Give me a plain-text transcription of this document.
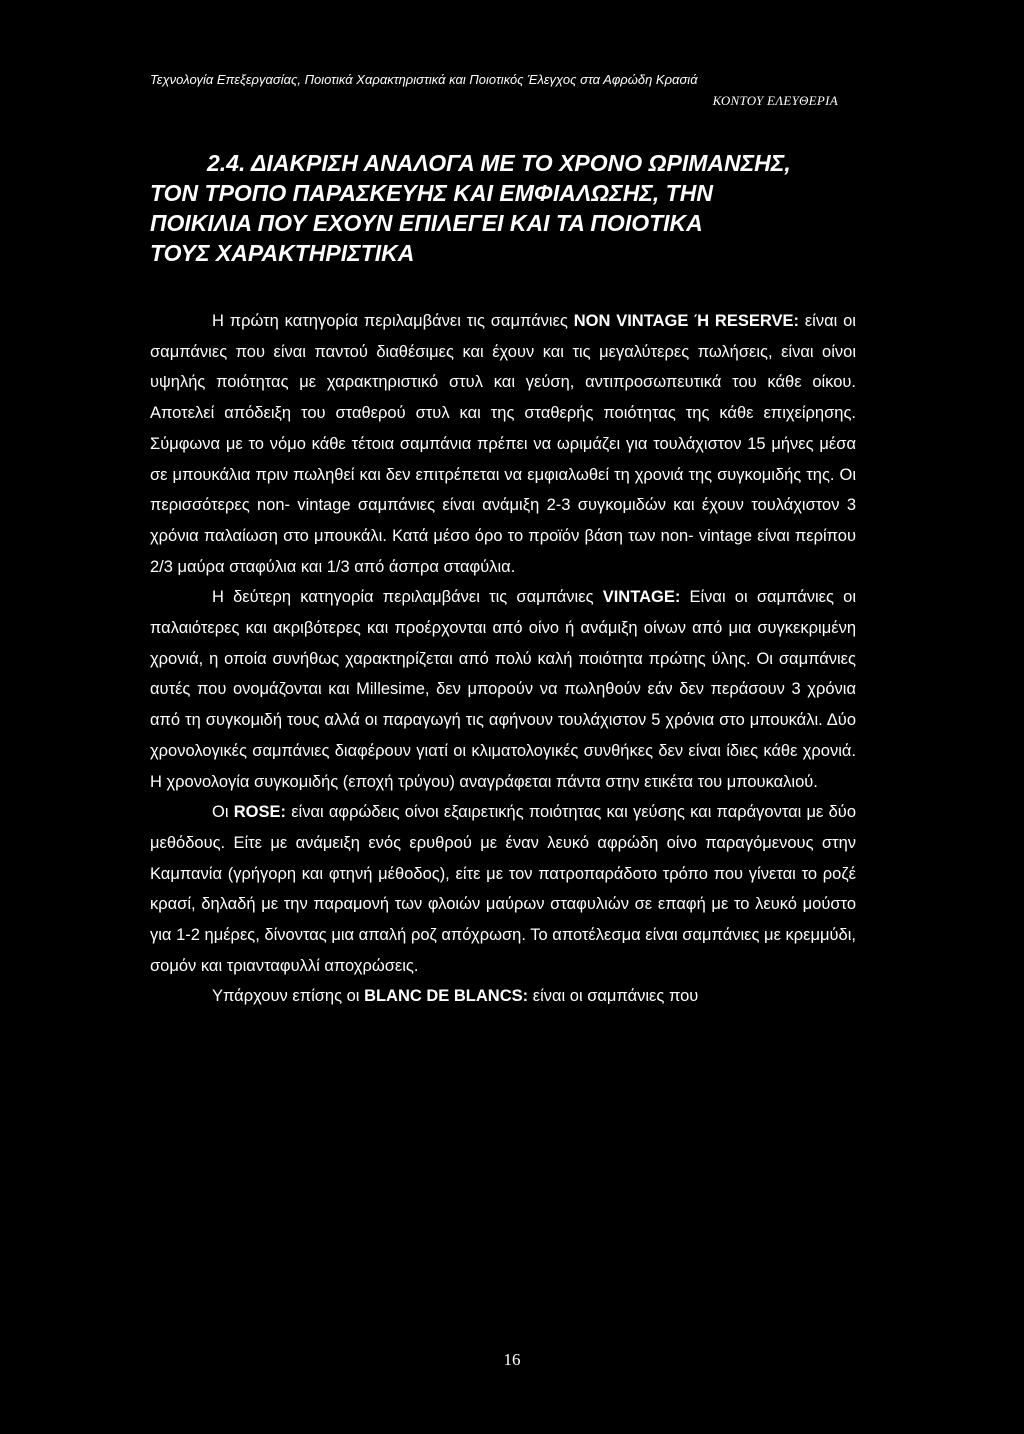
Τεχνολογία Επεξεργασίας, Ποιοτικά Χαρακτηριστικά και Ποιοτικός Έλεγχος στα Αφρώδη Κρασιά
ΚΟΝΤΟΥ ΕΛΕΥΘΕΡΙΑ
2.4. ΔΙΑΚΡΙΣΗ ΑΝΑΛΟΓΑ ΜΕ ΤΟ ΧΡΟΝΟ ΩΡΙΜΑΝΣΗΣ,
ΤΟΝ ΤΡΟΠΟ ΠΑΡΑΣΚΕΥΗΣ ΚΑΙ ΕΜΦΙΑΛΩΣΗΣ, ΤΗΝ
ΠΟΙΚΙΛΙΑ ΠΟΥ ΕΧΟΥΝ ΕΠΙΛΕΓΕΙ ΚΑΙ ΤΑ ΠΟΙΟΤΙΚΑ
ΤΟΥΣ ΧΑΡΑΚΤΗΡΙΣΤΙΚΑ

Η πρώτη κατηγορία περιλαμβάνει τις σαμπάνιες NON VINTAGE Ή RESERVE: είναι οι σαμπάνιες που είναι παντού διαθέσιμες και έχουν και τις μεγαλύτερες πωλήσεις, είναι οίνοι υψηλής ποιότητας με χαρακτηριστικό στυλ και γεύση, αντιπροσωπευτικά του κάθε οίκου. Αποτελεί απόδειξη του σταθερού στυλ και της σταθερής ποιότητας της κάθε επιχείρησης. Σύμφωνα με το νόμο κάθε τέτοια σαμπάνια πρέπει να ωριμάζει για τουλάχιστον 15 μήνες μέσα σε μπουκάλια πριν πωληθεί και δεν επιτρέπεται να εμφιαλωθεί τη χρονιά της συγκομιδής της. Οι περισσότερες non- vintage σαμπάνιες είναι ανάμιξη 2-3 συγκομιδών και έχουν τουλάχιστον 3 χρόνια παλαίωση στο μπουκάλι. Κατά μέσο όρο το προϊόν βάση των non- vintage είναι περίπου 2/3 μαύρα σταφύλια και 1/3 από άσπρα σταφύλια.

Η δεύτερη κατηγορία περιλαμβάνει τις σαμπάνιες VINTAGE: Είναι οι σαμπάνιες οι παλαιότερες και ακριβότερες και προέρχονται από οίνο ή ανάμιξη οίνων από μια συγκεκριμένη χρονιά, η οποία συνήθως χαρακτηρίζεται από πολύ καλή ποιότητα πρώτης ύλης. Οι σαμπάνιες αυτές που ονομάζονται και Millesime, δεν μπορούν να πωληθούν εάν δεν περάσουν 3 χρόνια από τη συγκομιδή τους αλλά οι παραγωγή τις αφήνουν τουλάχιστον 5 χρόνια στο μπουκάλι. Δύο χρονολογικές σαμπάνιες διαφέρουν γιατί οι κλιματολογικές συνθήκες δεν είναι ίδιες κάθε χρονιά. Η χρονολογία συγκομιδής (εποχή τρύγου) αναγράφεται πάντα στην ετικέτα του μπουκαλιού.

Οι ROSE: είναι αφρώδεις οίνοι εξαιρετικής ποιότητας και γεύσης και παράγονται με δύο μεθόδους. Είτε με ανάμειξη ενός ερυθρού με έναν λευκό αφρώδη οίνο παραγόμενους στην Καμπανία (γρήγορη και φτηνή μέθοδος), είτε με τον πατροπαράδοτο τρόπο που γίνεται το ροζέ κρασί, δηλαδή με την παραμονή των φλοιών μαύρων σταφυλιών σε επαφή με το λευκό μούστο για 1-2 ημέρες, δίνοντας μια απαλή ροζ απόχρωση. Το αποτέλεσμα είναι σαμπάνιες με κρεμμύδι, σομόν και τριανταφυλλί αποχρώσεις.

Υπάρχουν επίσης οι BLANC DE BLANCS: είναι οι σαμπάνιες που

16
